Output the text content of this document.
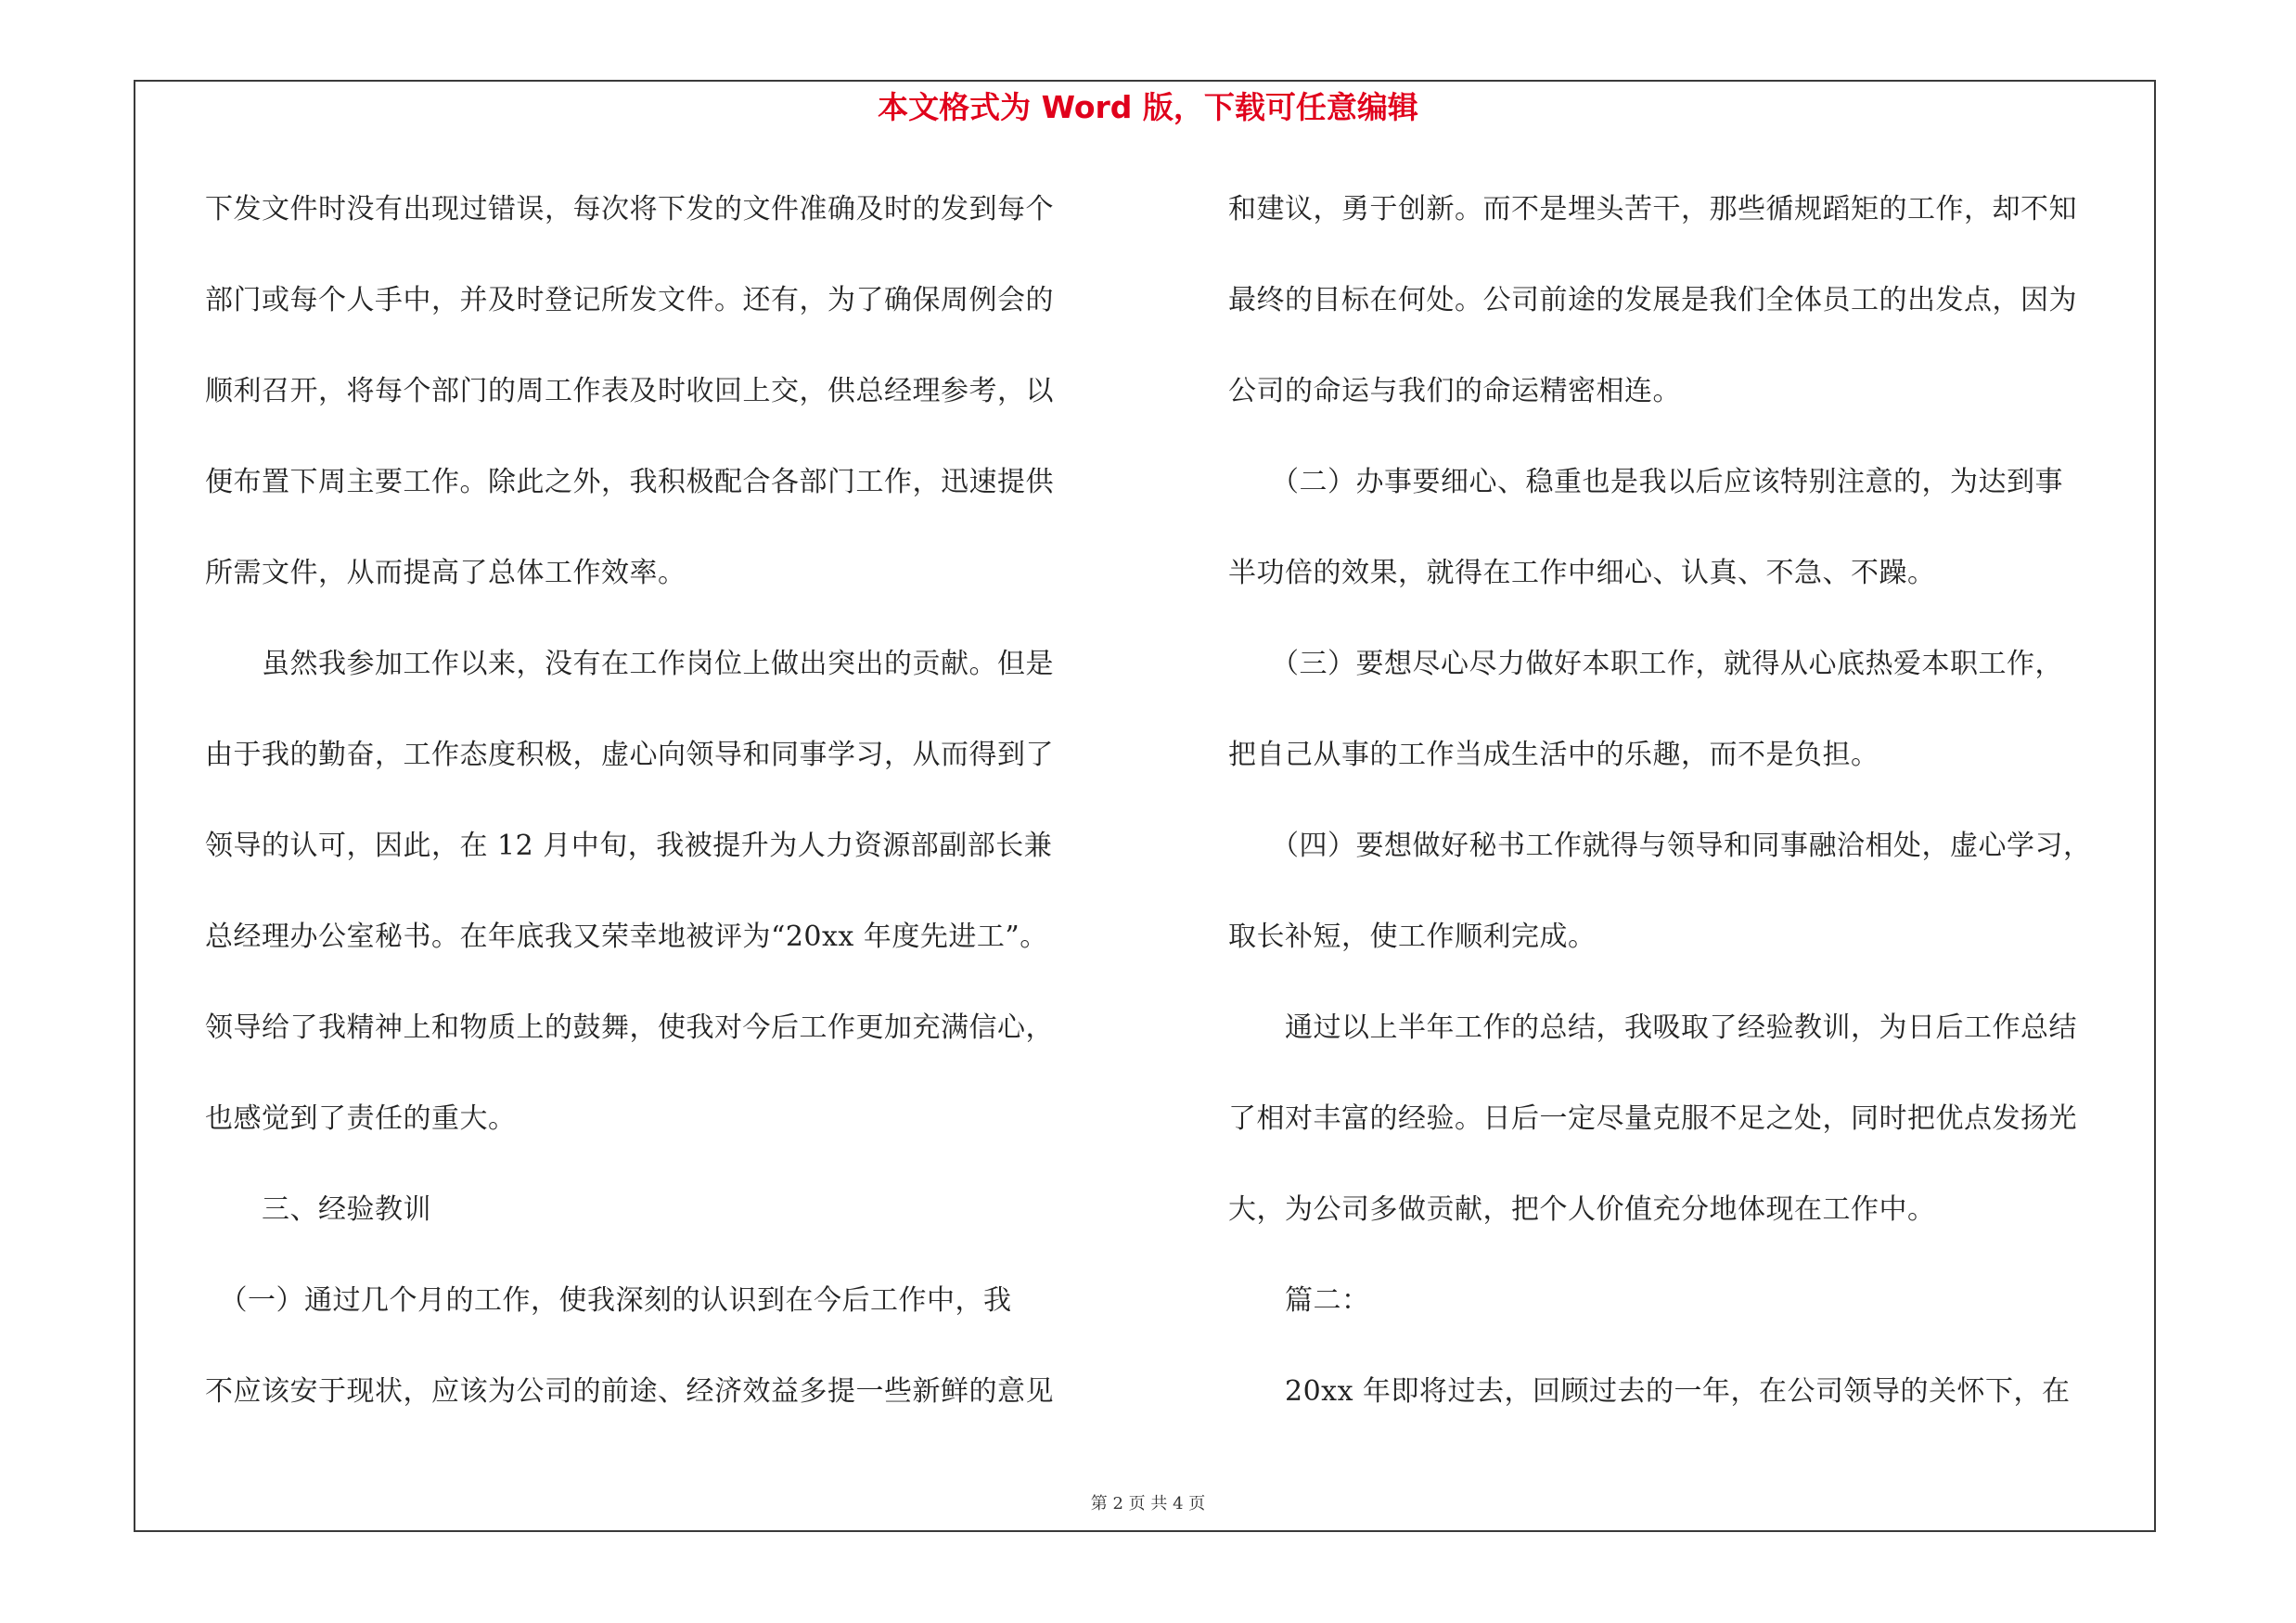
本文格式为 Word 版，下载可任意编辑
下发文件时没有出现过错误，每次将下发的文件准确及时的发到每个
部门或每个人手中，并及时登记所发文件。还有，为了确保周例会的
顺利召开，将每个部门的周工作表及时收回上交，供总经理参考，以
便布置下周主要工作。除此之外，我积极配合各部门工作，迅速提供
所需文件，从而提高了总体工作效率。
　　虽然我参加工作以来，没有在工作岗位上做出突出的贡献。但是
由于我的勤奋，工作态度积极，虚心向领导和同事学习，从而得到了
领导的认可，因此，在 12 月中旬，我被提升为人力资源部副部长兼
总经理办公室秘书。在年底我又荣幸地被评为“20xx 年度先进工”。
领导给了我精神上和物质上的鼓舞，使我对今后工作更加充满信心，
也感觉到了责任的重大。
　　三、经验教训
　（一）通过几个月的工作，使我深刻的认识到在今后工作中，我
不应该安于现状，应该为公司的前途、经济效益多提一些新鲜的意见
和建议，勇于创新。而不是埋头苦干，那些循规蹈矩的工作，却不知
最终的目标在何处。公司前途的发展是我们全体员工的出发点，因为
公司的命运与我们的命运精密相连。
　　（二）办事要细心、稳重也是我以后应该特别注意的，为达到事
半功倍的效果，就得在工作中细心、认真、不急、不躁。
　　（三）要想尽心尽力做好本职工作，就得从心底热爱本职工作，
把自己从事的工作当成生活中的乐趣，而不是负担。
　　（四）要想做好秘书工作就得与领导和同事融洽相处，虚心学习，
取长补短，使工作顺利完成。
　　通过以上半年工作的总结，我吸取了经验教训，为日后工作总结
了相对丰富的经验。日后一定尽量克服不足之处，同时把优点发扬光
大，为公司多做贡献，把个人价值充分地体现在工作中。
　　篇二：
　　20xx 年即将过去，回顾过去的一年，在公司领导的关怀下，在
第 2 页 共 4 页
